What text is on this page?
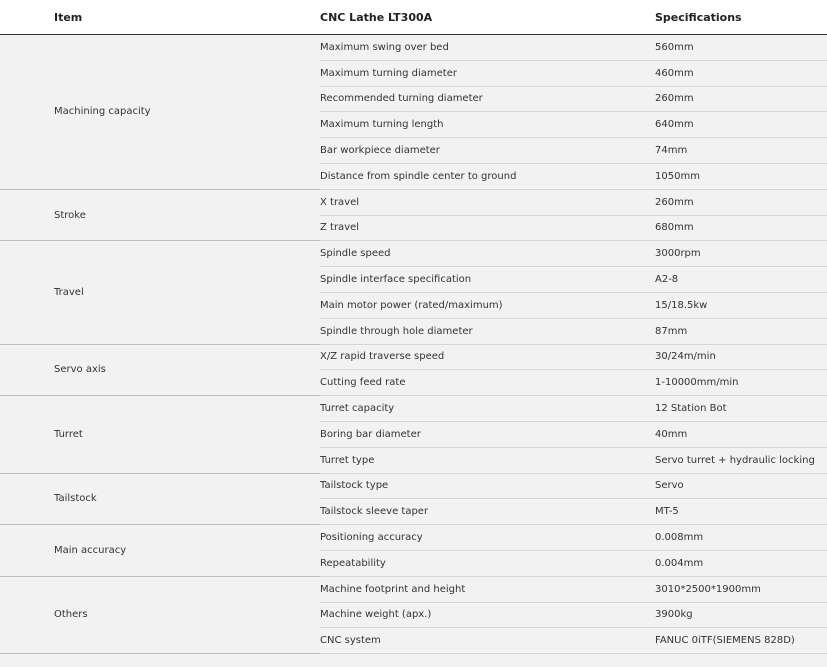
Item		CNC Lathe LT300A	Specifications
Machining capacity		Maximum swing over bed	560mm
		Maximum turning diameter	460mm
		Recommended turning diameter	260mm
		Maximum turning length	640mm
		Bar workpiece diameter	74mm
		Distance from spindle center to ground	1050mm
Stroke		X travel	260mm
		Z travel	680mm
Travel		Spindle speed	3000rpm
		Spindle interface specification	A2-8
		Main motor power (rated/maximum)	15/18.5kw
		Spindle through hole diameter	87mm
Servo axis		X/Z rapid traverse speed	30/24m/min
		Cutting feed rate	1-10000mm/min
Turret		Turret capacity	12 Station Bot
		Boring bar diameter	40mm
		Turret type	Servo turret + hydraulic locking
Tailstock		Tailstock type	Servo
		Tailstock sleeve taper	MT-5
Main accuracy		Positioning accuracy	0.008mm
		Repeatability	0.004mm
Others		Machine footprint and height	3010*2500*1900mm
		Machine weight (apx.)	3900kg
		CNC system	FANUC 0iTF(SIEMENS 828D)
